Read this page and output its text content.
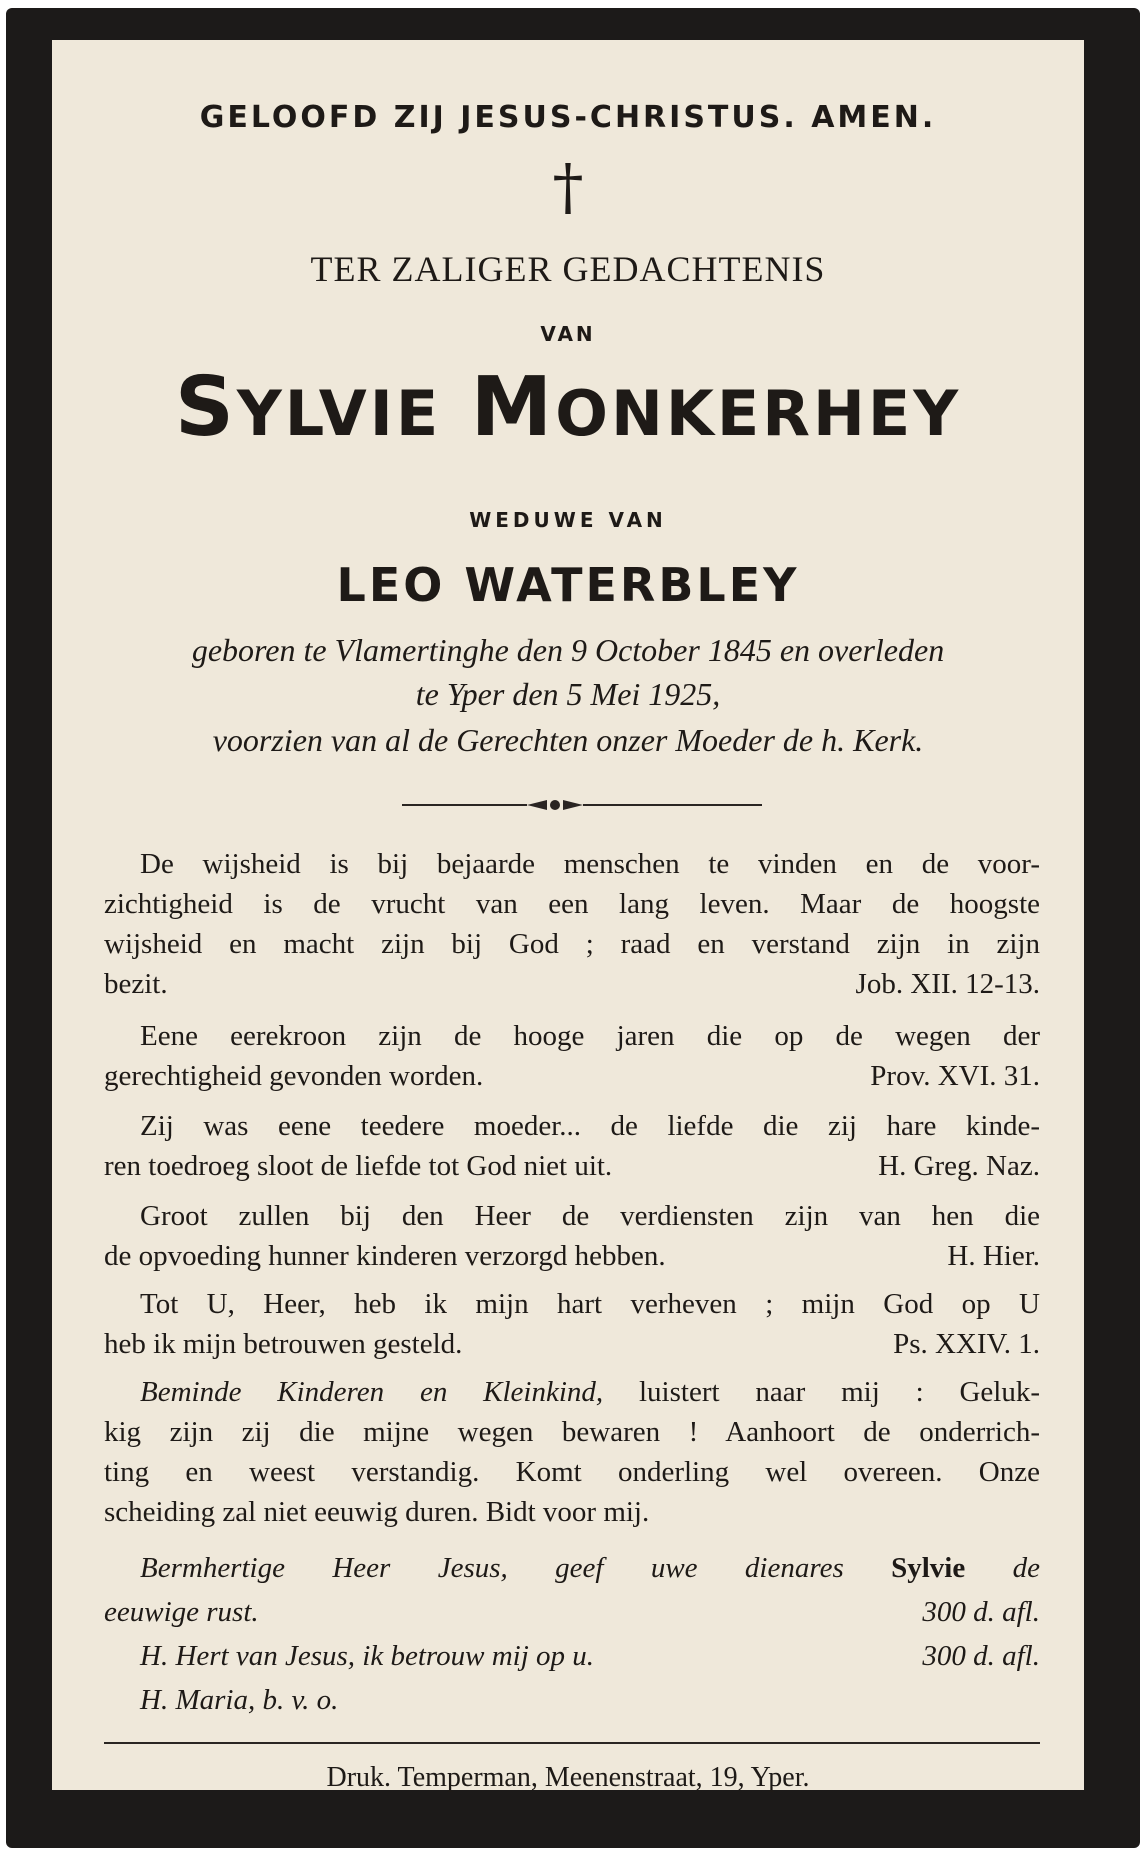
GELOOFD ZIJ JESUS-CHRISTUS. AMEN.

†

TER ZALIGER GEDACHTENIS

VAN

SYLVIE MONKERHEY

WEDUWE VAN

LEO WATERBLEY

geboren te Vlamertinghe den 9 October 1845 en overleden

te Yper den 5 Mei 1925,

voorzien van al de Gerechten onzer Moeder de h. Kerk.

De wijsheid is bij bejaarde menschen te vinden en de voor-

zichtigheid is de vrucht van een lang leven. Maar de hoogste

wijsheid en macht zijn bij God ; raad en verstand zijn in zijn

bezit.	Job. XII. 12-13.

Eene eerekroon zijn de hooge jaren die op de wegen der

gerechtigheid gevonden worden.	Prov. XVI. 31.

Zij was eene teedere moeder... de liefde die zij hare kinde-

ren toedroeg sloot de liefde tot God niet uit.	H. Greg. Naz.

Groot zullen bij den Heer de verdiensten zijn van hen die

de opvoeding hunner kinderen verzorgd hebben.	H. Hier.

Tot U, Heer, heb ik mijn hart verheven ; mijn God op U

heb ik mijn betrouwen gesteld.	Ps. XXIV. 1.

Beminde Kinderen en Kleinkind, luistert naar mij : Geluk-

kig zijn zij die mijne wegen bewaren ! Aanhoort de onderrich-

ting en weest verstandig. Komt onderling wel overeen. Onze

scheiding zal niet eeuwig duren. Bidt voor mij.

Bermhertige Heer Jesus, geef uwe dienares Sylvie de

eeuwige rust.	300 d. afl.

H. Hert van Jesus, ik betrouw mij op u.	300 d. afl.

H. Maria, b. v. o.

Druk. Temperman, Meenenstraat, 19, Yper.
